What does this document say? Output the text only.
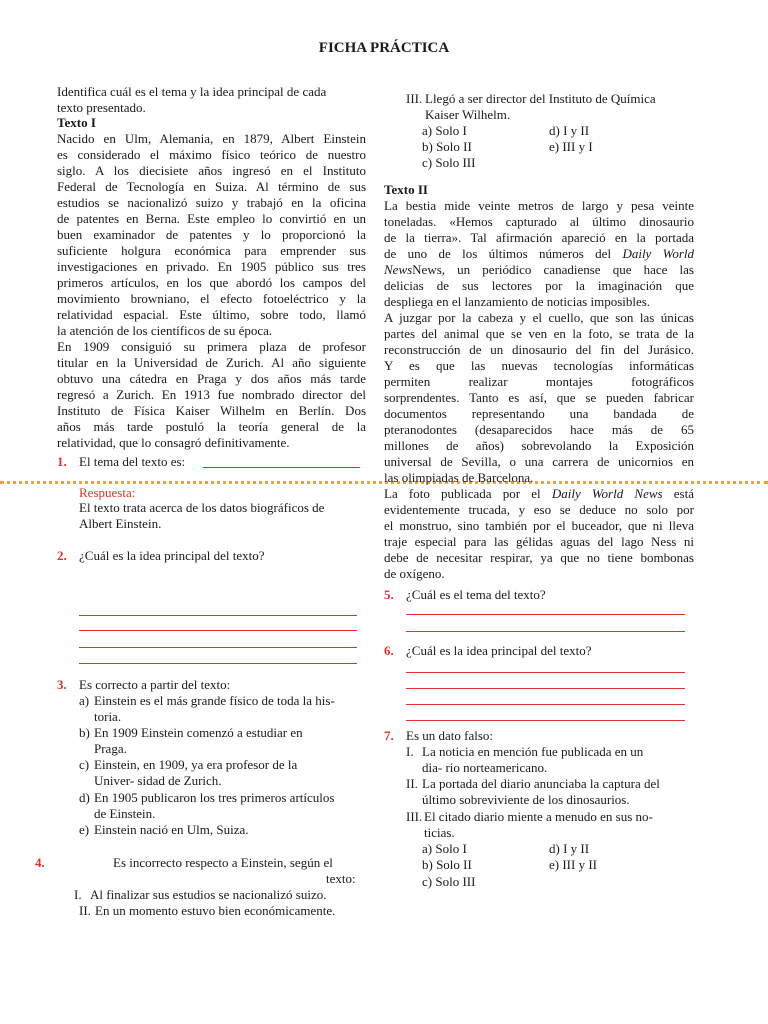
FICHA PRÁCTICA
Identifica cuál es el tema y la idea principal de cada
texto presentado.
Texto I
Nacido en Ulm, Alemania, en 1879, Albert Einstein
es considerado el máximo físico teórico de nuestro
siglo. A los diecisiete años ingresó en el Instituto
Federal de Tecnología en Suiza. Al término de sus
estudios se nacionalizó suizo y trabajó en la oficina
de patentes en Berna. Este empleo lo convirtió en un
buen examinador de patentes y lo proporcionó la
suficiente holgura económica para emprender sus
investigaciones en privado. En 1905 público sus tres
primeros artículos, en los que abordó los campos del
movimiento browniano, el efecto fotoeléctrico y la
relatividad espacial. Este último, sobre todo, llamó
la atención de los científicos de su época.
En 1909 consiguió su primera plaza de profesor
titular en la Universidad de Zurich. Al año siguiente
obtuvo una cátedra en Praga y dos años más tarde
regresó a Zurich. En 1913 fue nombrado director del
Instituto de Física Kaiser Wilhelm en Berlín. Dos
años más tarde postuló la teoría general de la
relatividad, que lo consagró definitivamente.
1. El tema del texto es:
Respuesta:
El texto trata acerca de los datos biográficos de
Albert Einstein.
2. ¿Cuál es la idea principal del texto?
3. Es correcto a partir del texto:
a) Einstein es el más grande físico de toda la his-
toria.
b) En 1909 Einstein comenzó a estudiar en
Praga.
c) Einstein, en 1909, ya era profesor de la
Univer- sidad de Zurich.
d) En 1905 publicaron los tres primeros artículos
de Einstein.
e) Einstein nació en Ulm, Suiza.
4.	Es incorrecto respecto a Einstein, según el
texto:
I. Al finalizar sus estudios se nacionalizó suizo.
II. En un momento estuvo bien económicamente.
III. Llegó a ser director del Instituto de Química
Kaiser Wilhelm.
a) Solo I	d) I y II
b) Solo II	e) III y I
c) Solo III
Texto II
La bestia mide veinte metros de largo y pesa veinte
toneladas. «Hemos capturado al último dinosaurio
de la tierra». Tal afirmación apareció en la portada
de uno de los últimos números del Daily World
NewsNews, un periódico canadiense que hace las
delicias de sus lectores por la imaginación que
despliega en el lanzamiento de noticias imposibles.
A juzgar por la cabeza y el cuello, que son las únicas
partes del animal que se ven en la foto, se trata de la
reconstrucción de un dinosaurio del fin del Jurásico.
Y es que las nuevas tecnologías informáticas
permiten realizar montajes fotográficos
sorprendentes. Tanto es así, que se pueden fabricar
documentos representando una bandada de
pteranodontes (desaparecidos hace más de 65
millones de años) sobrevolando la Exposición
universal de Sevilla, o una carrera de unicornios en
las olimpiadas de Barcelona.
La foto publicada por el Daily World News está
evidentemente trucada, y eso se deduce no solo por
el monstruo, sino también por el buceador, que ni lleva
traje especial para las gélidas aguas del lago Ness ni
debe de necesitar respirar, ya que no tiene bombonas
de oxígeno.
5. ¿Cuál es el tema del texto?
6. ¿Cuál es la idea principal del texto?
7. Es un dato falso:
I. La noticia en mención fue publicada en un
dia- rio norteamericano.
II. La portada del diario anunciaba la captura del
último sobreviviente de los dinosaurios.
III. El citado diario miente a menudo en sus no-
ticias.
a) Solo I	d) I y II
b) Solo II	e) III y II
c) Solo III
